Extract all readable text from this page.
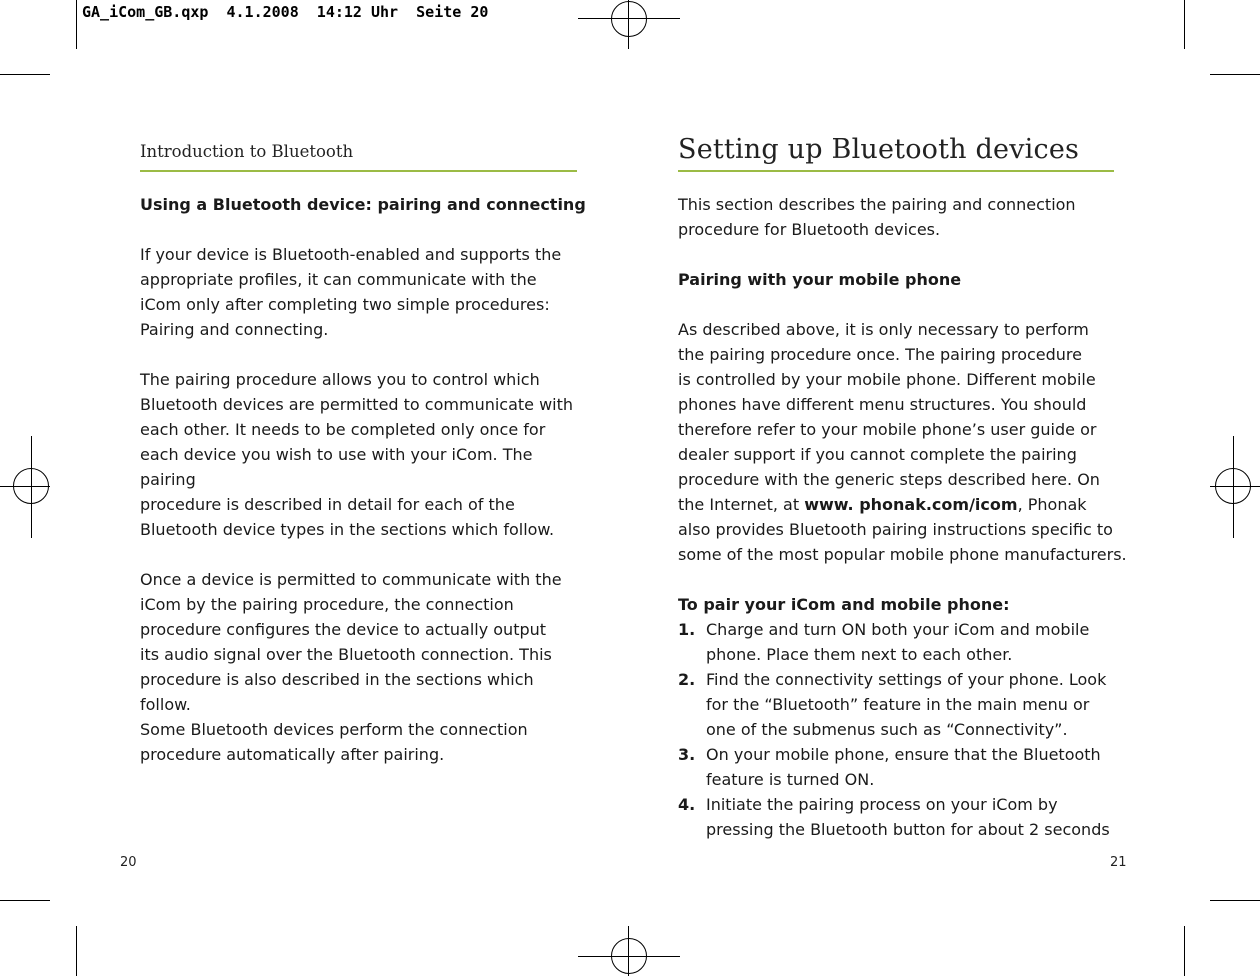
GA_iCom_GB.qxp  4.1.2008  14:12 Uhr  Seite 20
Introduction to Bluetooth

Using a Bluetooth device: pairing and connecting

If your device is Bluetooth-enabled and supports the
appropriate profiles, it can communicate with the
iCom only after completing two simple procedures:
Pairing and connecting.

The pairing procedure allows you to control which
Bluetooth devices are permitted to communicate with
each other. It needs to be completed only once for
each device you wish to use with your iCom. The pairing
procedure is described in detail for each of the
Bluetooth device types in the sections which follow.

Once a device is permitted to communicate with the
iCom by the pairing procedure, the connection
procedure configures the device to actually output
its audio signal over the Bluetooth connection. This
procedure is also described in the sections which follow.
Some Bluetooth devices perform the connection
procedure automatically after pairing.

20
Setting up Bluetooth devices

This section describes the pairing and connection
procedure for Bluetooth devices.

Pairing with your mobile phone

As described above, it is only necessary to perform
the pairing procedure once. The pairing procedure
is controlled by your mobile phone. Different mobile
phones have different menu structures. You should
therefore refer to your mobile phone’s user guide or
dealer support if you cannot complete the pairing
procedure with the generic steps described here. On
the Internet, at www. phonak.com/icom, Phonak
also provides Bluetooth pairing instructions specific to
some of the most popular mobile phone manufacturers.

To pair your iCom and mobile phone:

1. Charge and turn ON both your iCom and mobile
phone. Place them next to each other.
2. Find the connectivity settings of your phone. Look
for the “Bluetooth” feature in the main menu or
one of the submenus such as “Connectivity”.
3. On your mobile phone, ensure that the Bluetooth
feature is turned ON.
4. Initiate the pairing process on your iCom by
pressing the Bluetooth button for about 2 seconds
21
